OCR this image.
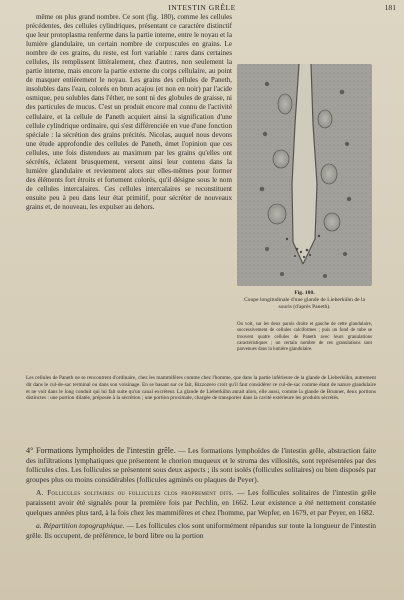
INTESTIN GRÊLE	181

même on plus grand nombre. Ce sont (fig. 180), comme les cellules précédentes, des cellules cylindriques, présentant ce caractère distinctif que leur protoplasma renferme dans la partie interne, entre le noyau et la lumière glandulaire, un certain nombre de corpuscules en grains. Le nombre de ces grains, du reste, est fort variable : rares dans certaines cellules, ils remplissent littéralement, chez d'autres, non seulement la partie interne, mais encore la partie externe du corps cellulaire, au point de masquer entièrement le noyau. Les grains des cellules de Paneth, insolubles dans l'eau, colorés en brun acajou (et non en noir) par l'acide osmique, peu solubles dans l'éther, ne sont ni des globules de graisse, ni des particules de mucus. C'est un produit encore mal connu de l'activité cellulaire, et la cellule de Paneth acquiert ainsi la signification d'une cellule cylindrique ordinaire, qui s'est différenciée en vue d'une fonction spéciale : la sécrétion des grains précités. Nicolas, auquel nous devons une étude approfondie des cellules de Paneth, émet l'opinion que ces cellules, une fois distendues au maximum par les grains qu'elles ont sécrétés, éclatent brusquement, versent ainsi leur contenu dans la lumière glandulaire et revienment alors sur elles-mêmes pour former des éléments fort étroits et fortement colorés, qu'il désigne sous le nom de cellules intercalaires. Ces cellules intercalaires se reconstituent ensuite peu à peu dans leur état primitif, pour sécréter de nouveaux grains et, de nouveau, les expulser au dehors.

Fig. 180.
Coupe longitudinale d'une glande de Lieberkühn de la souris (d'après Paneth).
On voit, sur les deux parois droite et gauche de cette glandulaire, successivement de cellules calciformes ; puis un fond de tube se trouvent quatre cellules de Paneth avec leurs granulations caractéristiques ; un certain nombre de ces granulations sont parvenues dans la lumière glandulaire.
Les cellules de Paneth ne se rencontrent d'ordinaire, chez les mammifères comme chez l'homme, que dans la partie inférieure de la glande de Lieberkühn, autrement dit dans le cul-de-sac terminal ou dans son voisinage. En se basant sur ce fait, Bizzozero croit qu'il faut considérer ce cul-de-sac comme étant de nature glandulaire et ne voit dans le long conduit qui lui fait suite qu'un canal excréteur. La glande de Lieberkühn aurait alors, elle aussi, comme la glande de Brunner, deux portions distinctes : une portion dilatée, préposée à la sécrétion ; une portion proximale, chargée de transporter dans la cavité extérieure les produits sécrétés.

4° Formations lymphoïdes de l'intestin grêle. — Les formations lymphoïdes de l'intestin grêle, abstraction faite des infiltrations lymphatiques que présentent le chorion muqueux et le stroma des villosités, sont représentées par des follicules clos. Les follicules se présentent sous deux aspects ; ils sont isolés (follicules solitaires) ou bien disposés par groupes plus ou moins considérables (follicules agminés ou plaques de Peyer).

A. Follicules solitaires ou follicules clos proprement dits. — Les follicules solitaires de l'intestin grêle paraissent avoir été signalés pour la première fois par Pechlin, en 1662. Leur existence a été nettement constatée quelques années plus tard, à la fois chez les mammifères et chez l'homme, par Wepfer, en 1679, et par Peyer, en 1682.

a. Répartition topographique. — Les follicules clos sont uniformément répandus sur toute la longueur de l'intestin grêle. Ils occupent, de préférence, le bord libre ou la portion
